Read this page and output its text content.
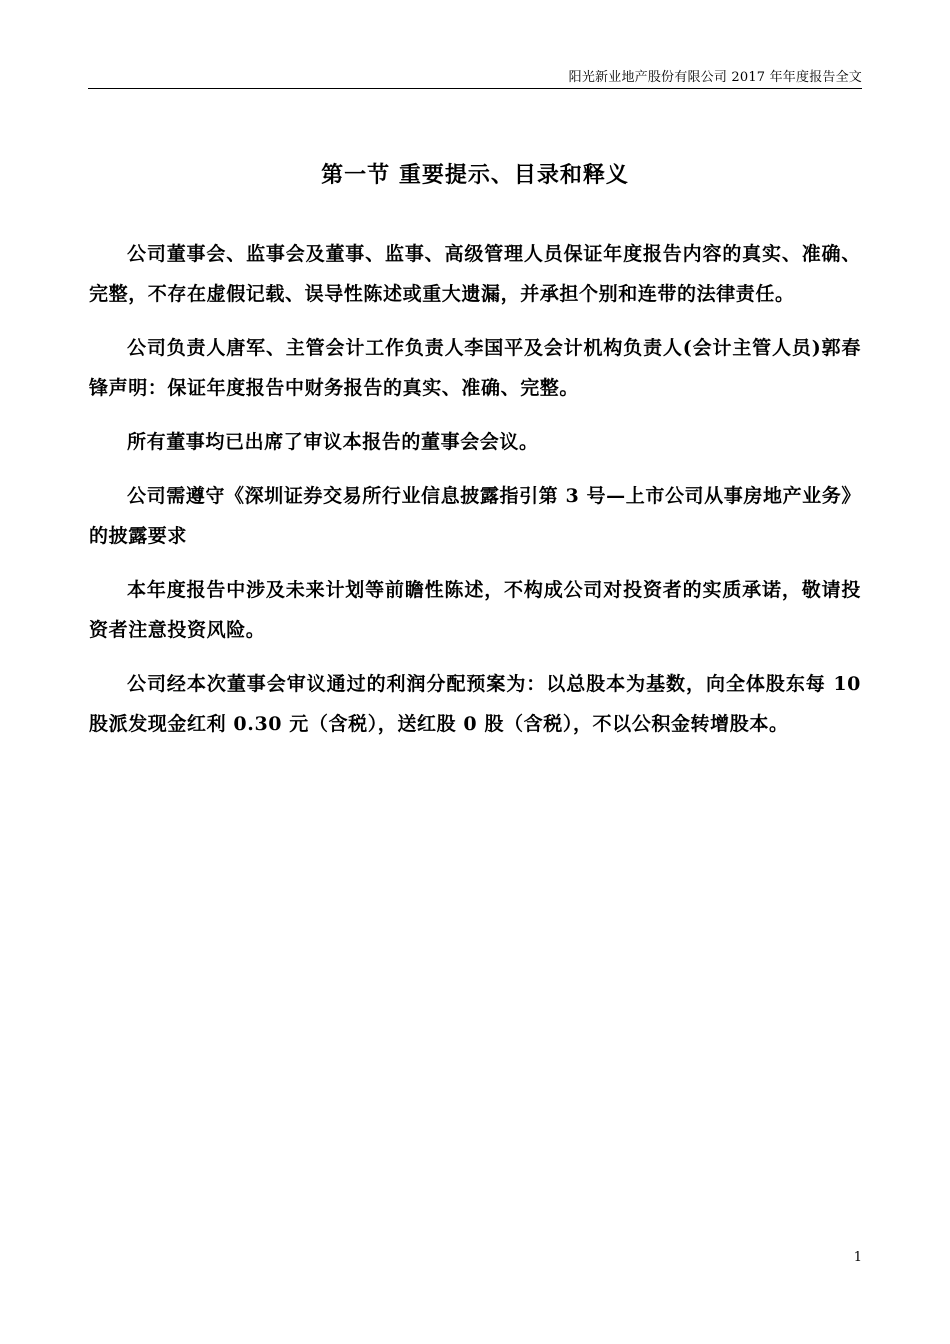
阳光新业地产股份有限公司 2017 年年度报告全文
第一节 重要提示、目录和释义

公司董事会、监事会及董事、监事、高级管理人员保证年度报告内容的真实、准确、完整，不存在虚假记载、误导性陈述或重大遗漏，并承担个别和连带的法律责任。

公司负责人唐军、主管会计工作负责人李国平及会计机构负责人(会计主管人员)郭春锋声明：保证年度报告中财务报告的真实、准确、完整。

所有董事均已出席了审议本报告的董事会会议。

公司需遵守《深圳证券交易所行业信息披露指引第 3 号—上市公司从事房地产业务》的披露要求

本年度报告中涉及未来计划等前瞻性陈述，不构成公司对投资者的实质承诺，敬请投资者注意投资风险。

公司经本次董事会审议通过的利润分配预案为：以总股本为基数，向全体股东每 10 股派发现金红利 0.30 元（含税），送红股 0 股（含税），不以公积金转增股本。

1
